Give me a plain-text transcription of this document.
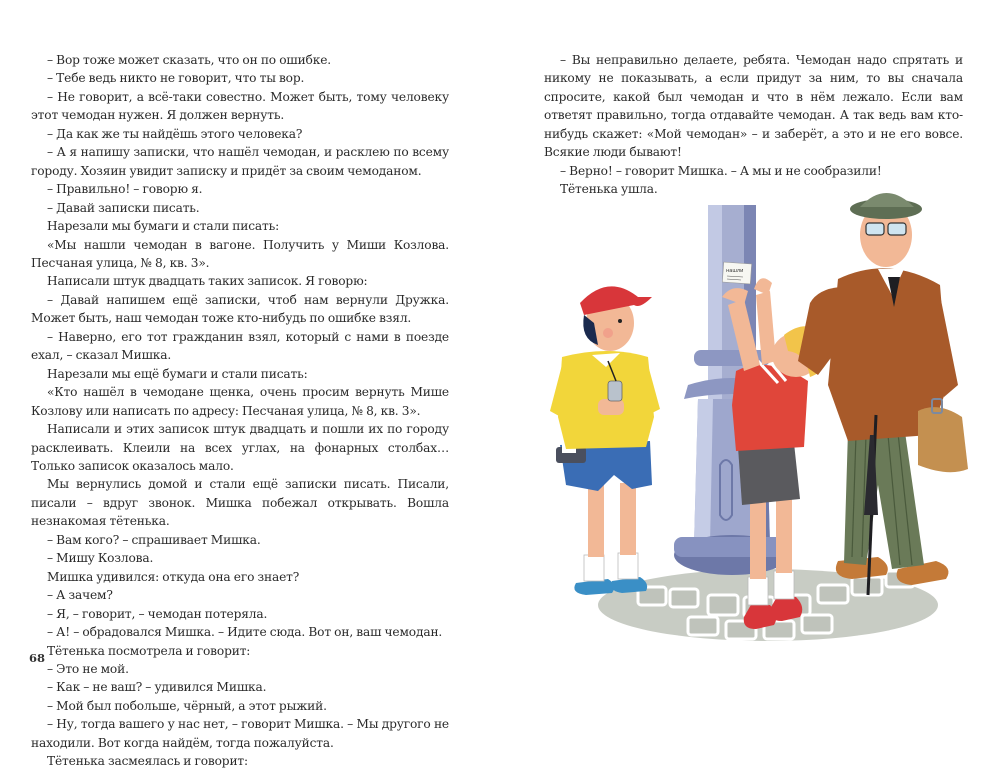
– Вор тоже может сказать, что он по ошибке.

– Тебе ведь никто не говорит, что ты вор.

– Не говорит, а всё-таки совестно. Может быть, тому человеку этот чемодан нужен. Я должен вернуть.

– Да как же ты найдёшь этого человека?

– А я напишу записки, что нашёл чемодан, и расклею по всему городу. Хозяин увидит записку и придёт за своим чемоданом.

– Правильно! – говорю я.

– Давай записки писать.

Нарезали мы бумаги и стали писать:

«Мы нашли чемодан в вагоне. Получить у Миши Козлова. Песчаная улица, № 8, кв. 3».

Написали штук двадцать таких записок. Я говорю:

– Давай напишем ещё записки, чтоб нам вернули Дружка. Может быть, наш чемодан тоже кто-нибудь по ошибке взял.

– Наверно, его тот гражданин взял, который с нами в поезде ехал, – сказал Мишка.

Нарезали мы ещё бумаги и стали писать:

«Кто нашёл в чемодане щенка, очень просим вернуть Мише Козлову или написать по адресу: Песчаная улица, № 8, кв. 3».

Написали и этих записок штук двадцать и пошли их по городу расклеивать. Клеили на всех углах, на фонарных столбах… Только записок оказалось мало.

Мы вернулись домой и стали ещё записки писать. Писали, писали – вдруг звонок. Мишка побежал открывать. Вошла незнакомая тётенька.

– Вам кого? – спрашивает Мишка.

– Мишу Козлова.

Мишка удивился: откуда она его знает?

– А зачем?

– Я, – говорит, – чемодан потеряла.

– А! – обрадовался Мишка. – Идите сюда. Вот он, ваш чемодан.

Тётенька посмотрела и говорит:

– Это не мой.

– Как – не ваш? – удивился Мишка.

– Мой был побольше, чёрный, а этот рыжий.

– Ну, тогда вашего у нас нет, – говорит Мишка. – Мы другого не находили. Вот когда найдём, тогда пожалуйста.

Тётенька засмеялась и говорит:

68

– Вы неправильно делаете, ребята. Чемодан надо спрятать и никому не показывать, а если придут за ним, то вы сначала спросите, какой был чемодан и что в нём лежало. Если вам ответят правильно, тогда отдавайте чемодан. А так ведь вам кто-нибудь скажет: «Мой чемодан» – и заберёт, а это и не его вовсе. Всякие люди бывают!

– Верно! – говорит Мишка. – А мы и не сообразили!

Тётенька ушла.

нашли
